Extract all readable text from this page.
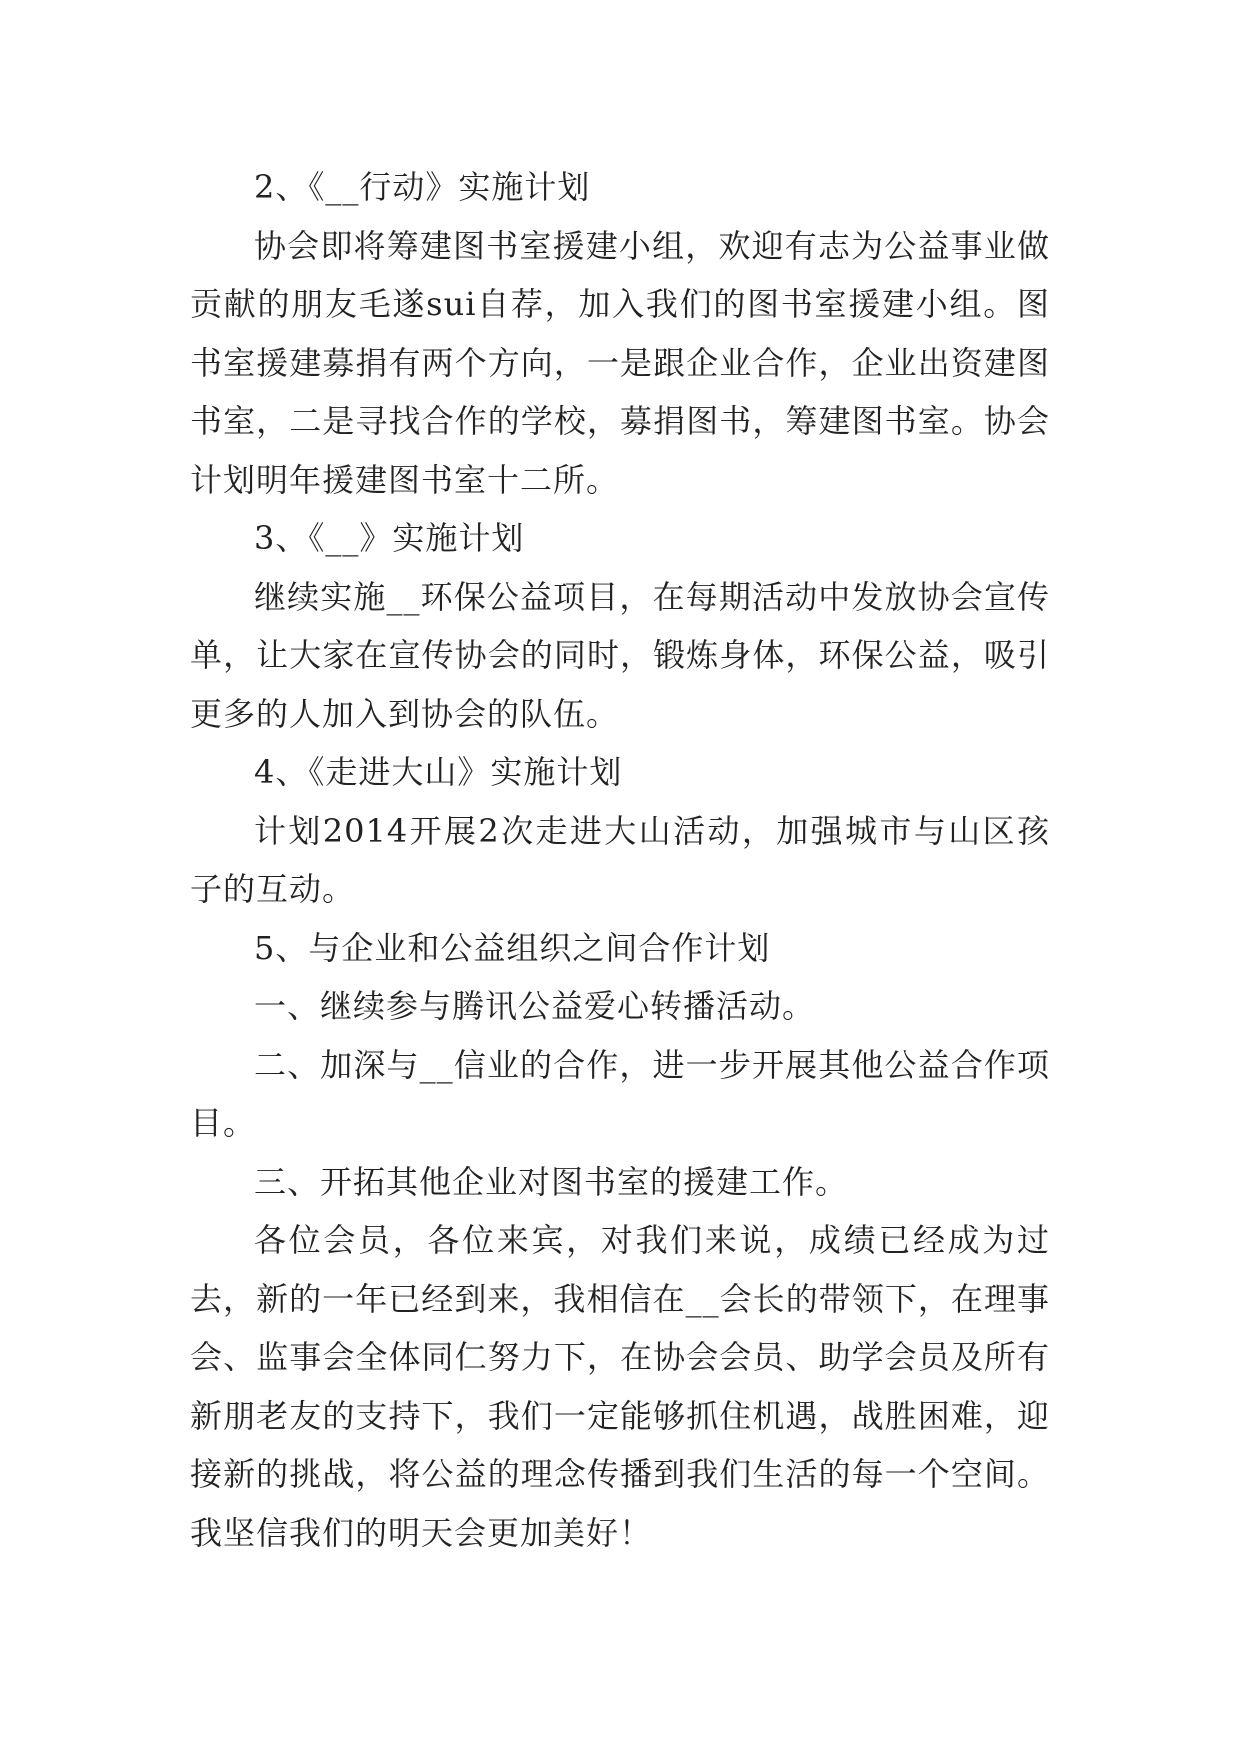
2、《__行动》实施计划

协会即将筹建图书室援建小组，欢迎有志为公益事业做贡献的朋友毛遂sui自荐，加入我们的图书室援建小组。图书室援建募捐有两个方向，一是跟企业合作，企业出资建图书室，二是寻找合作的学校，募捐图书，筹建图书室。协会计划明年援建图书室十二所。

3、《__》实施计划

继续实施__环保公益项目，在每期活动中发放协会宣传单，让大家在宣传协会的同时，锻炼身体，环保公益，吸引更多的人加入到协会的队伍。

4、《走进大山》实施计划

计划2014开展2次走进大山活动，加强城市与山区孩子的互动。

5、与企业和公益组织之间合作计划

一、继续参与腾讯公益爱心转播活动。

二、加深与__信业的合作，进一步开展其他公益合作项目。

三、开拓其他企业对图书室的援建工作。

各位会员，各位来宾，对我们来说，成绩已经成为过去，新的一年已经到来，我相信在__会长的带领下，在理事会、监事会全体同仁努力下，在协会会员、助学会员及所有新朋老友的支持下，我们一定能够抓住机遇，战胜困难，迎接新的挑战，将公益的理念传播到我们生活的每一个空间。我坚信我们的明天会更加美好！
